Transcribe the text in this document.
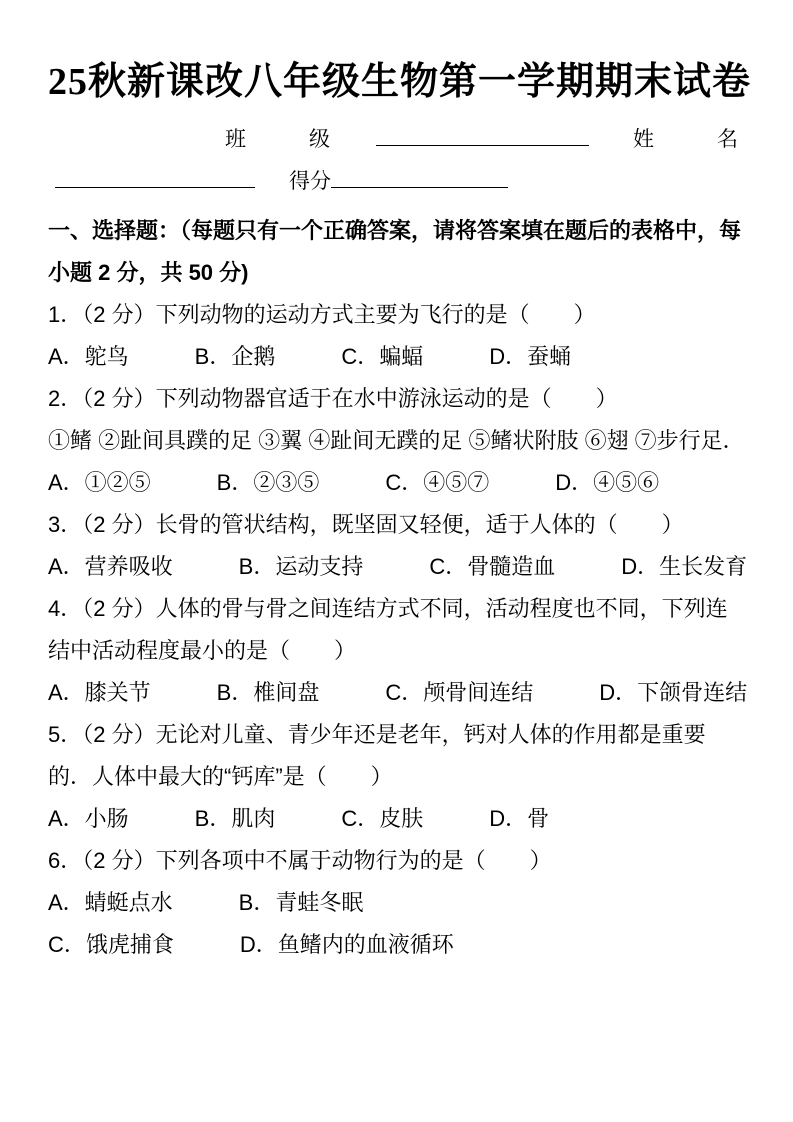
25秋新课改八年级生物第一学期期末试卷
班　　　级	姓　　　名
得分
一、选择题：（每题只有一个正确答案，请将答案填在题后的表格中，每
小题 2 分，共 50 分)
1．（2 分）下列动物的运动方式主要为飞行的是（　　）
A．鸵鸟　　　B．企鹅　　　C．蝙蝠　　　D．蚕蛹
2．（2 分）下列动物器官适于在水中游泳运动的是（　　）
①鳍 ②趾间具蹼的足 ③翼 ④趾间无蹼的足 ⑤鳍状附肢 ⑥翅 ⑦步行足．
A．①②⑤　　　B．②③⑤　　　C．④⑤⑦　　　D．④⑤⑥
3．（2 分）长骨的管状结构，既坚固又轻便，适于人体的（　　）
A．营养吸收　　　B．运动支持　　　C．骨髓造血　　　D．生长发育
4．（2 分）人体的骨与骨之间连结方式不同，活动程度也不同，下列连
结中活动程度最小的是（　　）
A．膝关节　　　B．椎间盘　　　C．颅骨间连结　　　D．下颌骨连结
5．（2 分）无论对儿童、青少年还是老年，钙对人体的作用都是重要
的．人体中最大的“钙库”是（　　）
A．小肠　　　B．肌肉　　　C．皮肤　　　D．骨
6．（2 分）下列各项中不属于动物行为的是（　　）
A．蜻蜓点水　　　B．青蛙冬眠
C．饿虎捕食　　　D．鱼鳍内的血液循环
